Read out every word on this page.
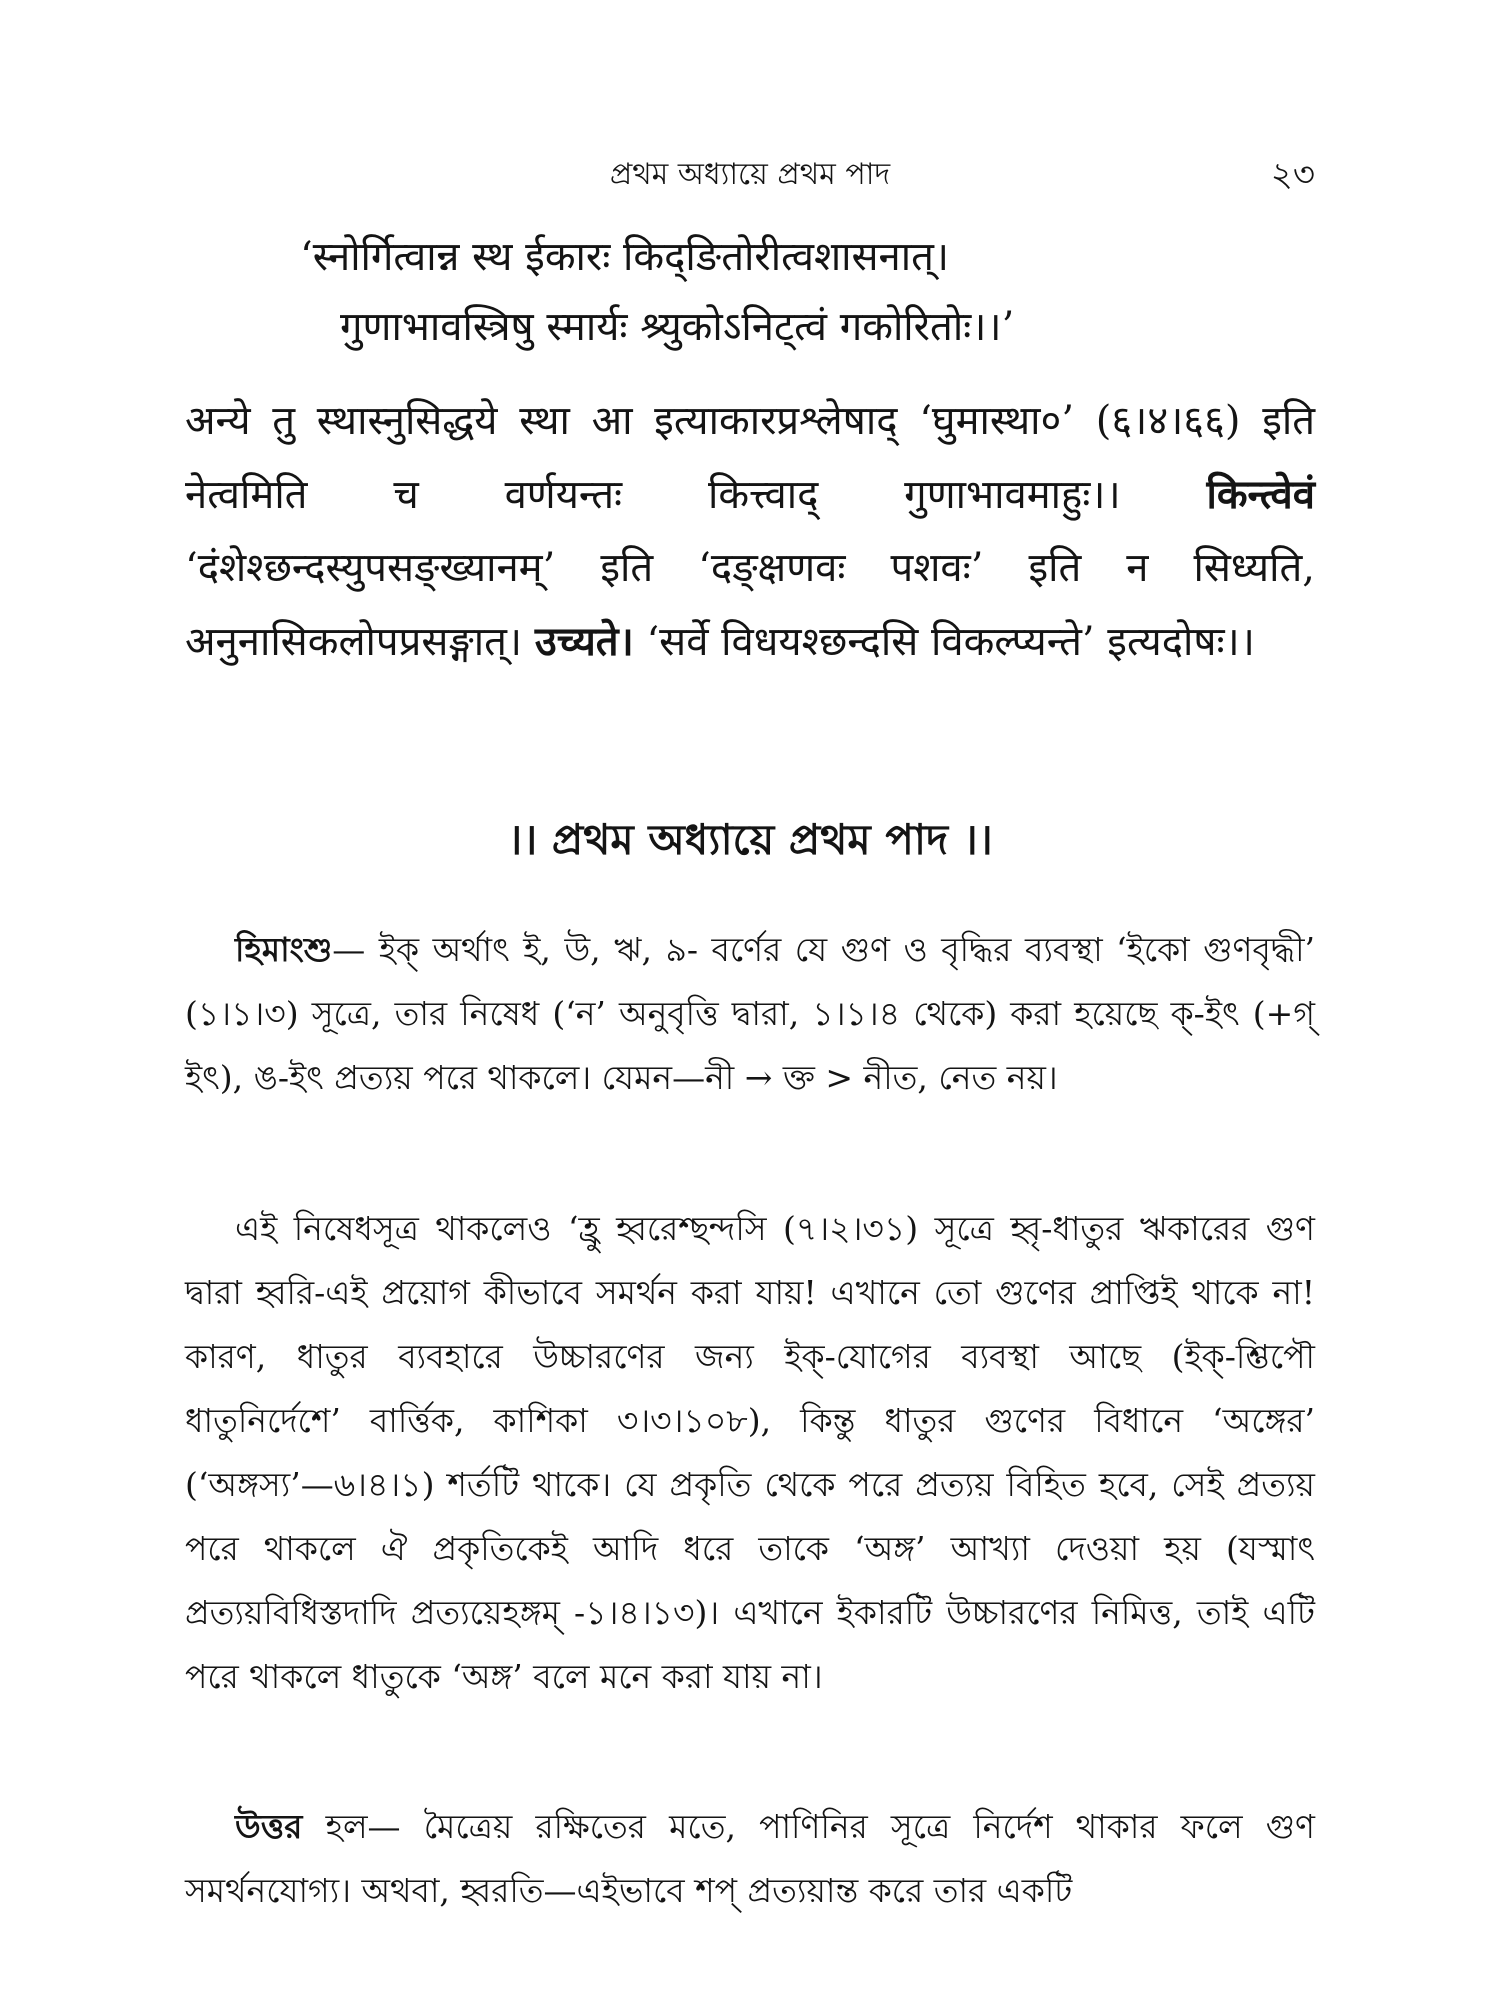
প্রথম অধ্যায়ে প্রথম পাদ	২৩
‘स्नोर्गित्वान्न स्थ ईकारः किद्ङितोरीत्वशासनात्।
गुणाभावस्त्रिषु स्मार्यः श्र्युकोऽनिट्त्वं गकोरितोः।।’
अन्ये तु स्थास्नुसिद्धये स्था आ इत्याकारप्रश्लेषाद् ‘घुमास्था०’ (६।४।६६) इति नेत्वमिति च वर्णयन्तः कित्त्वाद् गुणाभावमाहुः।। किन्त्वेवं ‘दंशेश्छन्दस्युपसङ्ख्यानम्’ इति ‘दङ्क्षणवः पशवः’ इति न सिध्यति, अनुनासिकलोपप्रसङ्गात्। उच्यते। ‘सर्वे विधयश्छन्दसि विकल्प्यन्ते’ इत्यदोषः।।
।। প্রথম অধ্যায়ে প্রথম পাদ ।।
হিমাংশু— ইক্ অর্থাৎ ই, উ, ঋ, ৯- বর্ণের যে গুণ ও বৃদ্ধির ব্যবস্থা ‘ইকো গুণবৃদ্ধী’ (১।১।৩) সূত্রে, তার নিষেধ (‘ন’ অনুবৃত্তি দ্বারা, ১।১।৪ থেকে) করা হয়েছে ক্-ইৎ (+গ্ ইৎ), ঙ-ইৎ প্রত্যয় পরে থাকলে। যেমন—নী → ক্ত > নীত, নেত নয়।
এই নিষেধসূত্র থাকলেও ‘হ্রু হ্বরেশ্ছন্দসি (৭।২।৩১) সূত্রে হ্বৃ-ধাতুর ঋকারের গুণ দ্বারা হ্বরি-এই প্রয়োগ কীভাবে সমর্থন করা যায়! এখানে তো গুণের প্রাপ্তিই থাকে না! কারণ, ধাতুর ব্যবহারে উচ্চারণের জন্য ইক্-যোগের ব্যবস্থা আছে (ইক্-শ্তিপৌ ধাতুনির্দেশে’ বার্ত্তিক, কাশিকা ৩।৩।১০৮), কিন্তু ধাতুর গুণের বিধানে ‘অঙ্গের’ (‘অঙ্গস্য’—৬।৪।১) শর্তটি থাকে। যে প্রকৃতি থেকে পরে প্রত্যয় বিহিত হবে, সেই প্রত্যয় পরে থাকলে ঐ প্রকৃতিকেই আদি ধরে তাকে ‘অঙ্গ’ আখ্যা দেওয়া হয় (যস্মাৎ প্রত্যয়বিধিস্তদাদি প্রত্যয়েহঙ্গম্ -১।৪।১৩)। এখানে ইকারটি উচ্চারণের নিমিত্ত, তাই এটি পরে থাকলে ধাতুকে ‘অঙ্গ’ বলে মনে করা যায় না।
উত্তর হল— মৈত্রেয় রক্ষিতের মতে, পাণিনির সূত্রে নির্দেশ থাকার ফলে গুণ সমর্থনযোগ্য। অথবা, হ্বরতি—এইভাবে শপ্ প্রত্যয়ান্ত করে তার একটি
